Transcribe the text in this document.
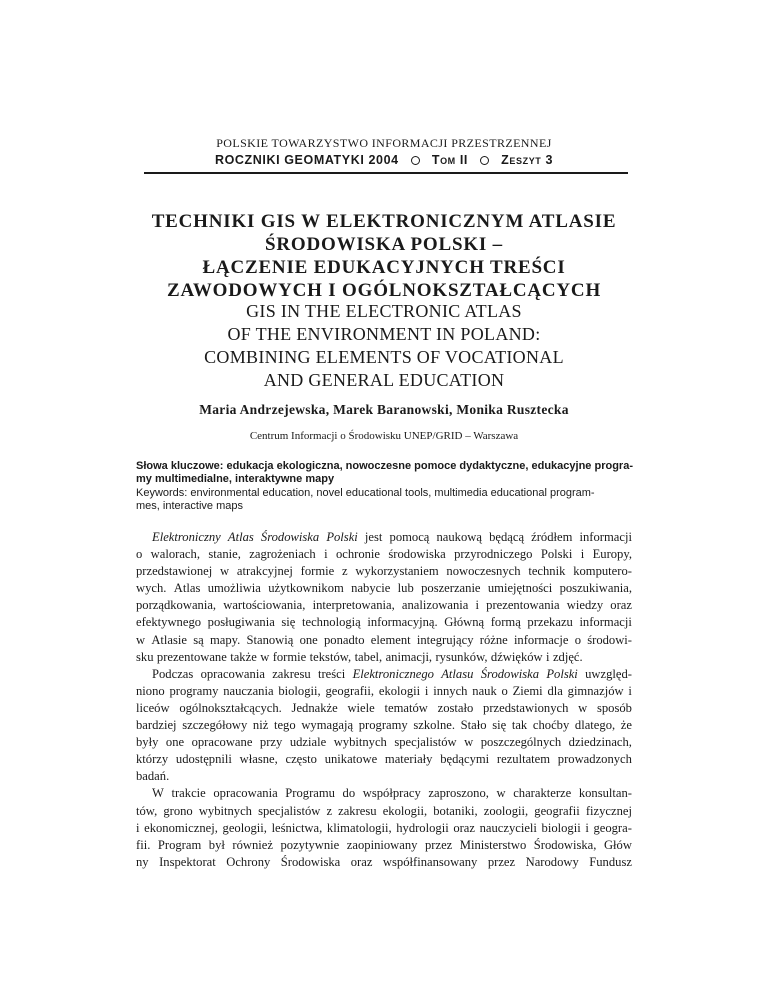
POLSKIE TOWARZYSTWO INFORMACJI PRZESTRZENNEJ
ROCZNIKI GEOMATYKI 2004	Tom II	Zeszyt 3
TECHNIKI GIS W ELEKTRONICZNYM ATLASIE
ŚRODOWISKA POLSKI –
ŁĄCZENIE EDUKACYJNYCH TREŚCI
ZAWODOWYCH I OGÓLNOKSZTAŁCĄCYCH
GIS IN THE ELECTRONIC ATLAS
OF THE ENVIRONMENT IN POLAND:
COMBINING ELEMENTS OF VOCATIONAL
AND GENERAL EDUCATION
Maria Andrzejewska, Marek Baranowski, Monika Rusztecka
Centrum Informacji o Środowisku UNEP/GRID – Warszawa
Słowa kluczowe: edukacja ekologiczna, nowoczesne pomoce dydaktyczne, edukacyjne progra-
my multimedialne, interaktywne mapy
Keywords: environmental education, novel educational tools, multimedia educational program-
mes, interactive maps
Elektroniczny Atlas Środowiska Polski jest pomocą naukową będącą źródłem informacji
o walorach, stanie, zagrożeniach i ochronie środowiska przyrodniczego Polski i Europy,
przedstawionej w atrakcyjnej formie z wykorzystaniem nowoczesnych technik komputero-
wych. Atlas umożliwia użytkownikom nabycie lub poszerzanie umiejętności poszukiwania,
porządkowania, wartościowania, interpretowania, analizowania i prezentowania wiedzy oraz
efektywnego posługiwania się technologią informacyjną. Główną formą przekazu informacji
w Atlasie są mapy. Stanowią one ponadto element integrujący różne informacje o środowi-
sku prezentowane także w formie tekstów, tabel, animacji, rysunków, dźwięków i zdjęć.
Podczas opracowania zakresu treści Elektronicznego Atlasu Środowiska Polski uwzględ-
niono programy nauczania biologii, geografii, ekologii i innych nauk o Ziemi dla gimnazjów i
liceów ogólnokształcących. Jednakże wiele tematów zostało przedstawionych w sposób
bardziej szczegółowy niż tego wymagają programy szkolne. Stało się tak choćby dlatego, że
były one opracowane przy udziale wybitnych specjalistów w poszczególnych dziedzinach,
którzy udostępnili własne, często unikatowe materiały będącymi rezultatem prowadzonych
badań.
W trakcie opracowania Programu do współpracy zaproszono, w charakterze konsultan-
tów, grono wybitnych specjalistów z zakresu ekologii, botaniki, zoologii, geografii fizycznej
i ekonomicznej, geologii, leśnictwa, klimatologii, hydrologii oraz nauczycieli biologii i geogra-
fii. Program był również pozytywnie zaopiniowany przez Ministerstwo Środowiska, Głów
ny Inspektorat Ochrony Środowiska oraz współfinansowany przez Narodowy Fundusz
